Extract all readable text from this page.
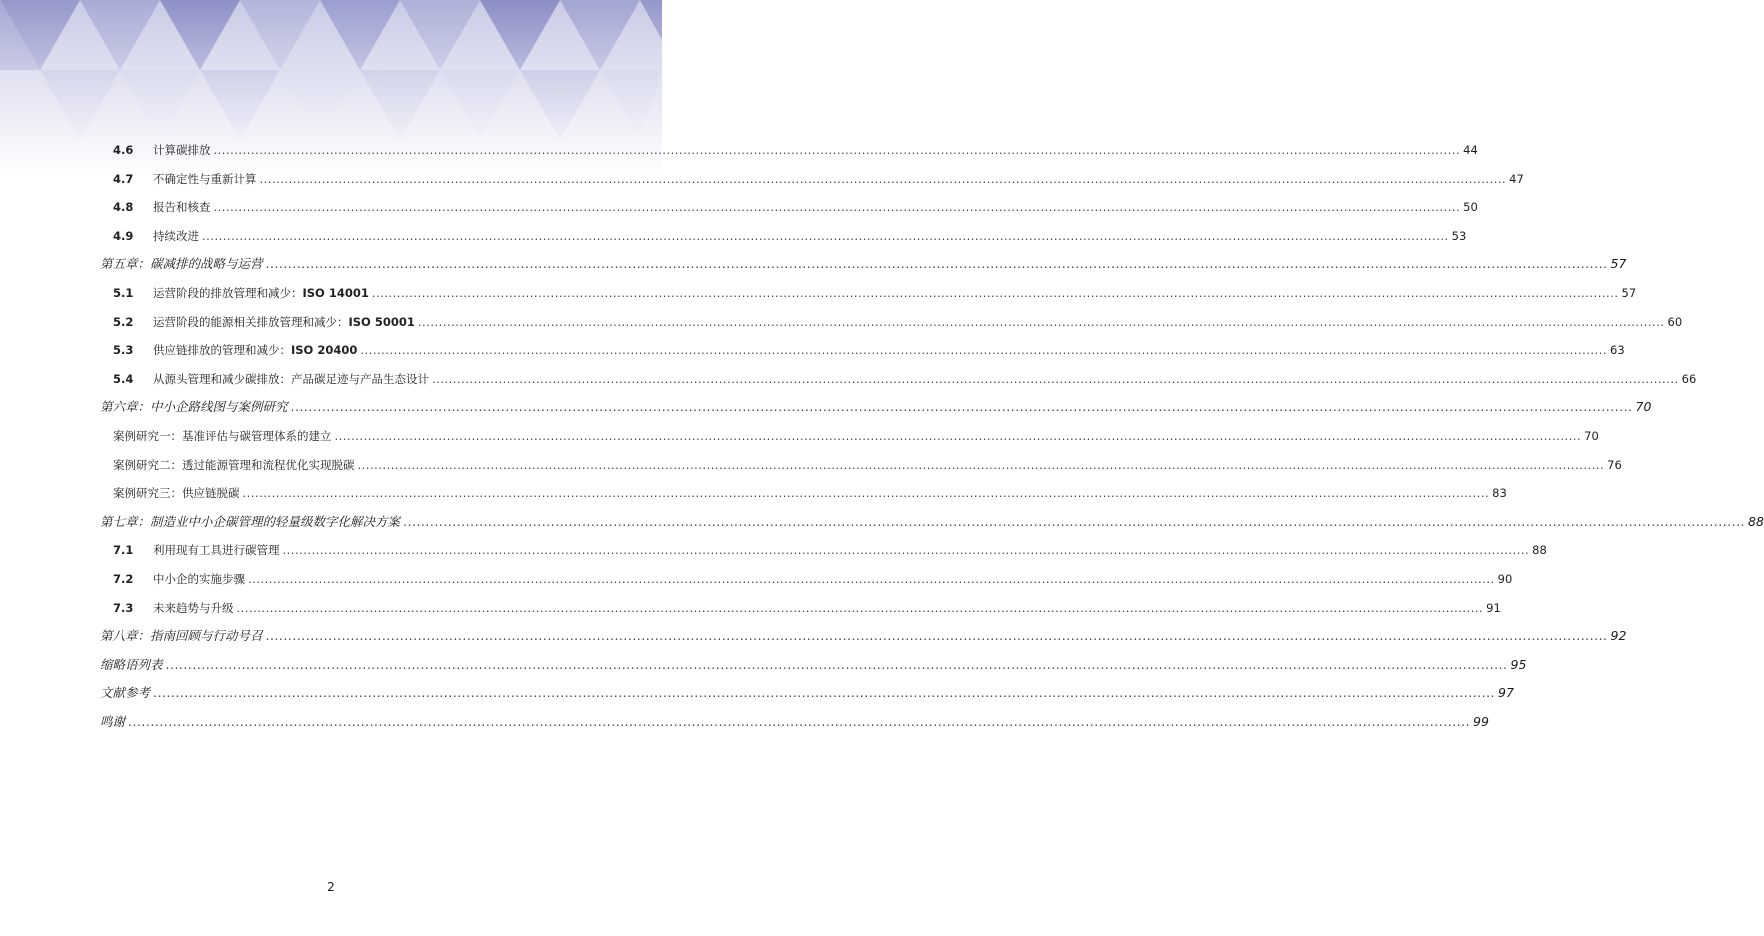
4.6	计算碳排放 ............................................................................................................................................................................................................................................................................................................ 44
4.7	不确定性与重新计算 ............................................................................................................................................................................................................................................................................................................ 47
4.8	报告和核查 ............................................................................................................................................................................................................................................................................................................ 50
4.9	持续改进 ............................................................................................................................................................................................................................................................................................................ 53
第五章：碳减排的战略与运营 ............................................................................................................................................................................................................................................................................................................ 57
5.1	运营阶段的排放管理和减少：ISO 14001 ............................................................................................................................................................................................................................................................................................................ 57
5.2	运营阶段的能源相关排放管理和减少：ISO 50001 ............................................................................................................................................................................................................................................................................................................ 60
5.3	供应链排放的管理和减少：ISO 20400 ............................................................................................................................................................................................................................................................................................................ 63
5.4	从源头管理和减少碳排放：产品碳足迹与产品生态设计 ............................................................................................................................................................................................................................................................................................................ 66
第六章：中小企路线图与案例研究 ............................................................................................................................................................................................................................................................................................................ 70
案例研究一：基准评估与碳管理体系的建立 ............................................................................................................................................................................................................................................................................................................ 70
案例研究二：透过能源管理和流程优化实现脱碳 ............................................................................................................................................................................................................................................................................................................ 76
案例研究三：供应链脱碳 ............................................................................................................................................................................................................................................................................................................ 83
第七章：制造业中小企碳管理的轻量级数字化解决方案 ............................................................................................................................................................................................................................................................................................................ 88
7.1	利用现有工具进行碳管理 ............................................................................................................................................................................................................................................................................................................ 88
7.2	中小企的实施步骤 ............................................................................................................................................................................................................................................................................................................ 90
7.3	未来趋势与升级 ............................................................................................................................................................................................................................................................................................................ 91
第八章：指南回顾与行动号召 ............................................................................................................................................................................................................................................................................................................ 92
缩略语列表 ............................................................................................................................................................................................................................................................................................................ 95
文献参考 ............................................................................................................................................................................................................................................................................................................ 97
鸣谢 ............................................................................................................................................................................................................................................................................................................ 99
2
